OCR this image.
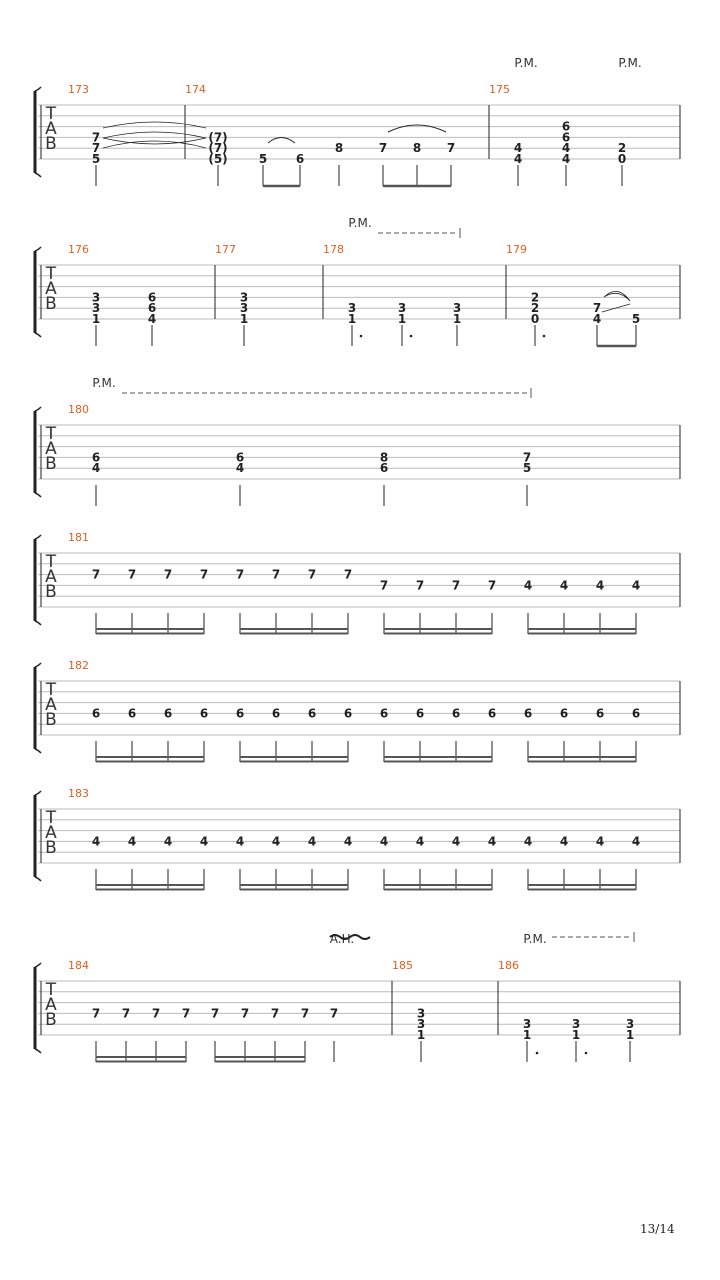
T
A
B
173	174	175
P.M.	P.M.
7
7
5
(7)
(7)
(5)	5 6
8	7 8 7	4
4
6
6
4
4
2
0
T
A
B
176	177	178	179
P.M.
3
3
1
6
6
4
3
3
1
3
1
3
1
3
1
2
2
0
7
4	5
T
A
B
180
P.M.
6
4
6
4
8
6
7
5
T
A
B
181
7 7 7 7 7 7 7 7
7 7 7 7 4 4 4 4
T
A
B
182
6 6 6 6 6 6 6 6 6 6 6 6 6 6 6 6
T
A
B
183
4 4 4 4 4 4 4 4 4 4 4 4 4 4 4 4
T
A
B
184	185	186
A.H.	P.M.
3
3
1
3
1
3
1
3
1
7 7 7 7 7 7 7 7 7
13/14
